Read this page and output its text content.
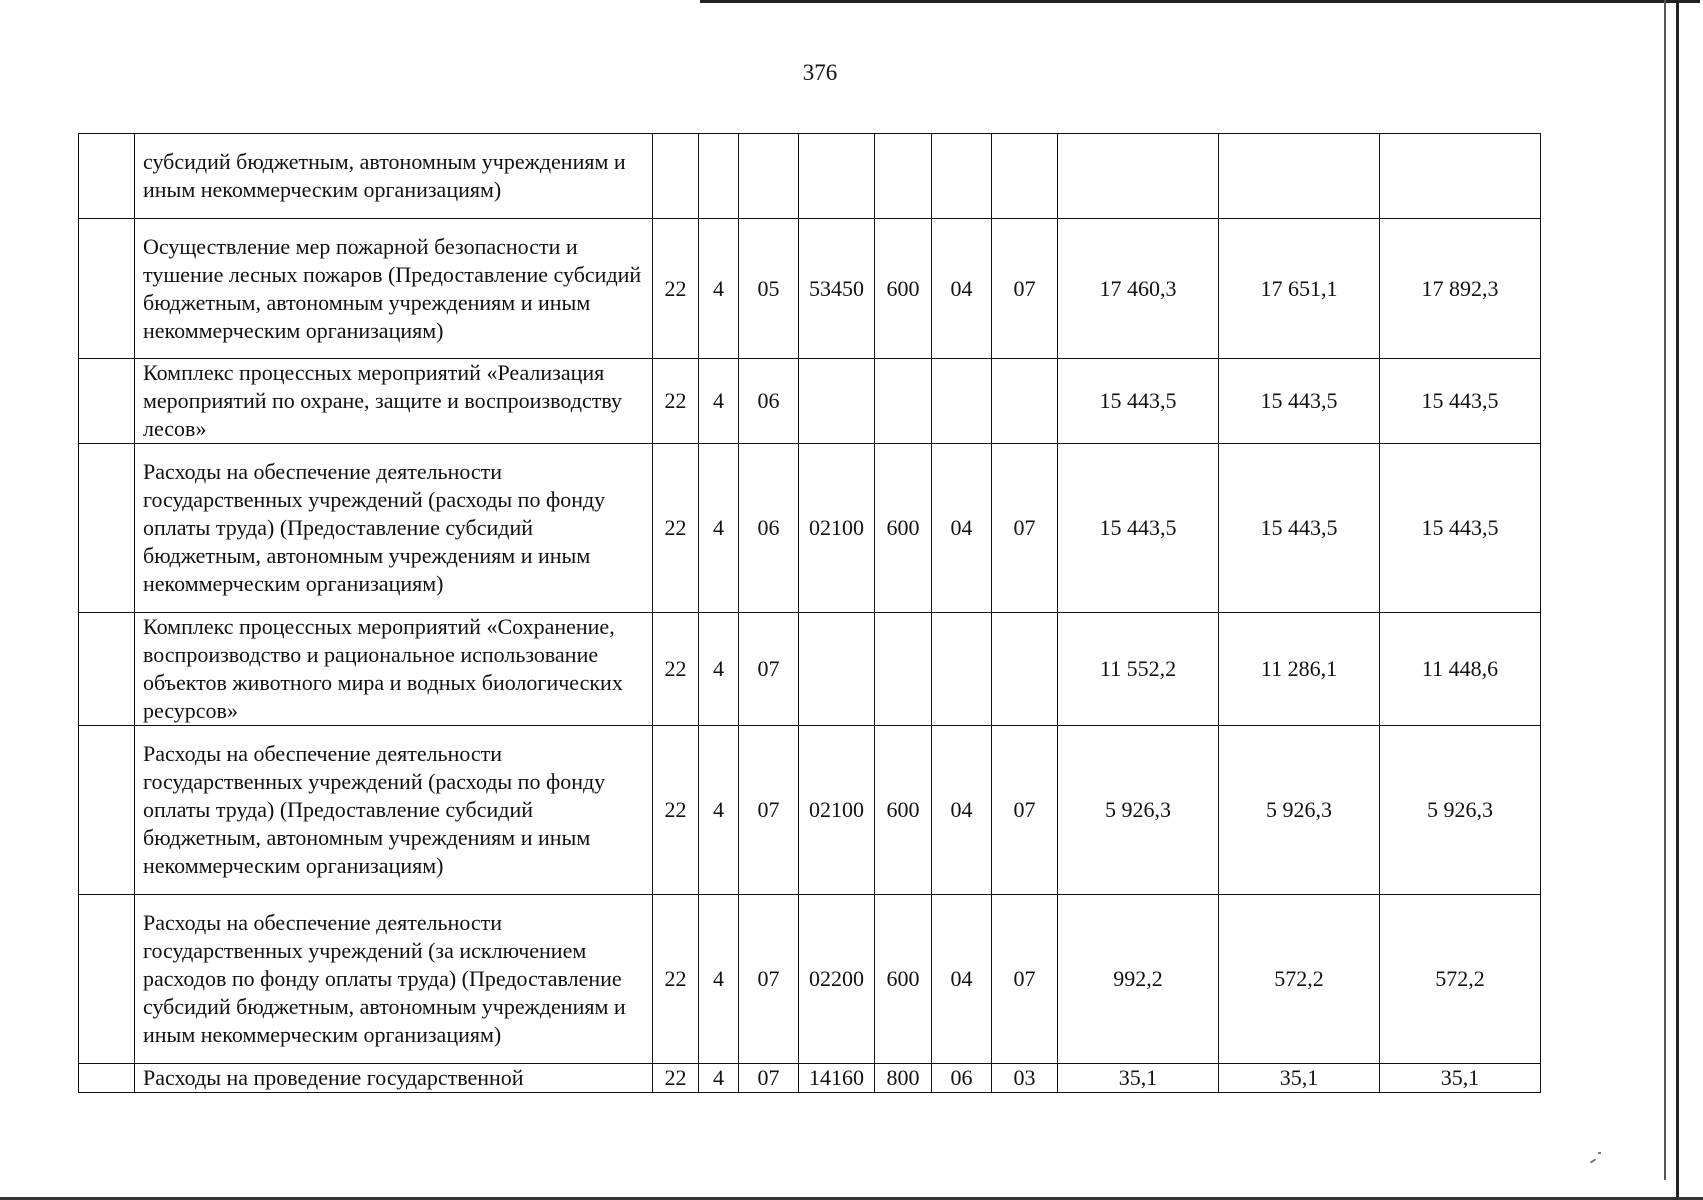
376
	субсидий бюджетным, автономным учреждениям и иным некоммерческим организациям)										
	Осуществление мер пожарной безопасности и тушение лесных пожаров (Предоставление субсидий бюджетным, автономным учреждениям и иным некоммерческим организациям)	22	4	05	53450	600	04	07	17 460,3	17 651,1	17 892,3
	Комплекс процессных мероприятий «Реализация мероприятий по охране, защите и воспроизводству лесов»	22	4	06					15 443,5	15 443,5	15 443,5
	Расходы на обеспечение деятельности государственных учреждений (расходы по фонду оплаты труда) (Предоставление субсидий бюджетным, автономным учреждениям и иным некоммерческим организациям)	22	4	06	02100	600	04	07	15 443,5	15 443,5	15 443,5
	Комплекс процессных мероприятий «Сохранение, воспроизводство и рациональное использование объектов животного мира и водных биологических ресурсов»	22	4	07					11 552,2	11 286,1	11 448,6
	Расходы на обеспечение деятельности государственных учреждений (расходы по фонду оплаты труда) (Предоставление субсидий бюджетным, автономным учреждениям и иным некоммерческим организациям)	22	4	07	02100	600	04	07	5 926,3	5 926,3	5 926,3
	Расходы на обеспечение деятельности государственных учреждений (за исключением расходов по фонду оплаты труда) (Предоставление субсидий бюджетным, автономным учреждениям и иным некоммерческим организациям)	22	4	07	02200	600	04	07	992,2	572,2	572,2
	Расходы на проведение государственной	22	4	07	14160	800	06	03	35,1	35,1	35,1
